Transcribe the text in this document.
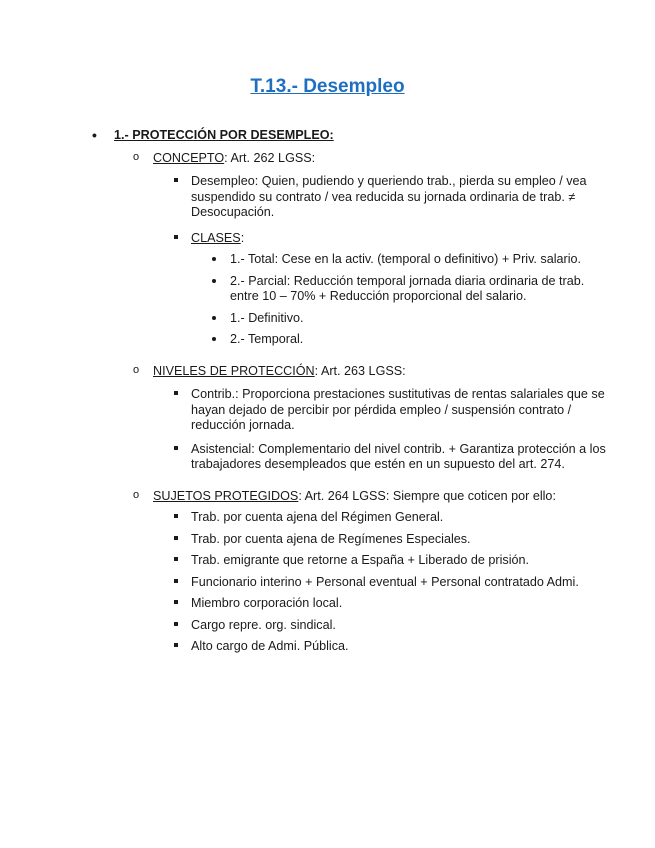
T.13.- Desempleo
• 1.- PROTECCIÓN POR DESEMPLEO:
o CONCEPTO: Art. 262 LGSS:
Desempleo: Quien, pudiendo y queriendo trab., pierda su empleo / vea suspendido su contrato / vea reducida su jornada ordinaria de trab. ≠ Desocupación.
CLASES:
1.- Total: Cese en la activ. (temporal o definitivo) + Priv. salario.
2.- Parcial: Reducción temporal jornada diaria ordinaria de trab. entre 10 – 70% + Reducción proporcional del salario.
1.- Definitivo.
2.- Temporal.
o NIVELES DE PROTECCIÓN: Art. 263 LGSS:
Contrib.: Proporciona prestaciones sustitutivas de rentas salariales que se hayan dejado de percibir por pérdida empleo / suspensión contrato / reducción jornada.
Asistencial: Complementario del nivel contrib. + Garantiza protección a los trabajadores desempleados que estén en un supuesto del art. 274.
o SUJETOS PROTEGIDOS: Art. 264 LGSS: Siempre que coticen por ello:
Trab. por cuenta ajena del Régimen General.
Trab. por cuenta ajena de Regímenes Especiales.
Trab. emigrante que retorne a España + Liberado de prisión.
Funcionario interino + Personal eventual + Personal contratado Admi.
Miembro corporación local.
Cargo repre. org. sindical.
Alto cargo de Admi. Pública.
